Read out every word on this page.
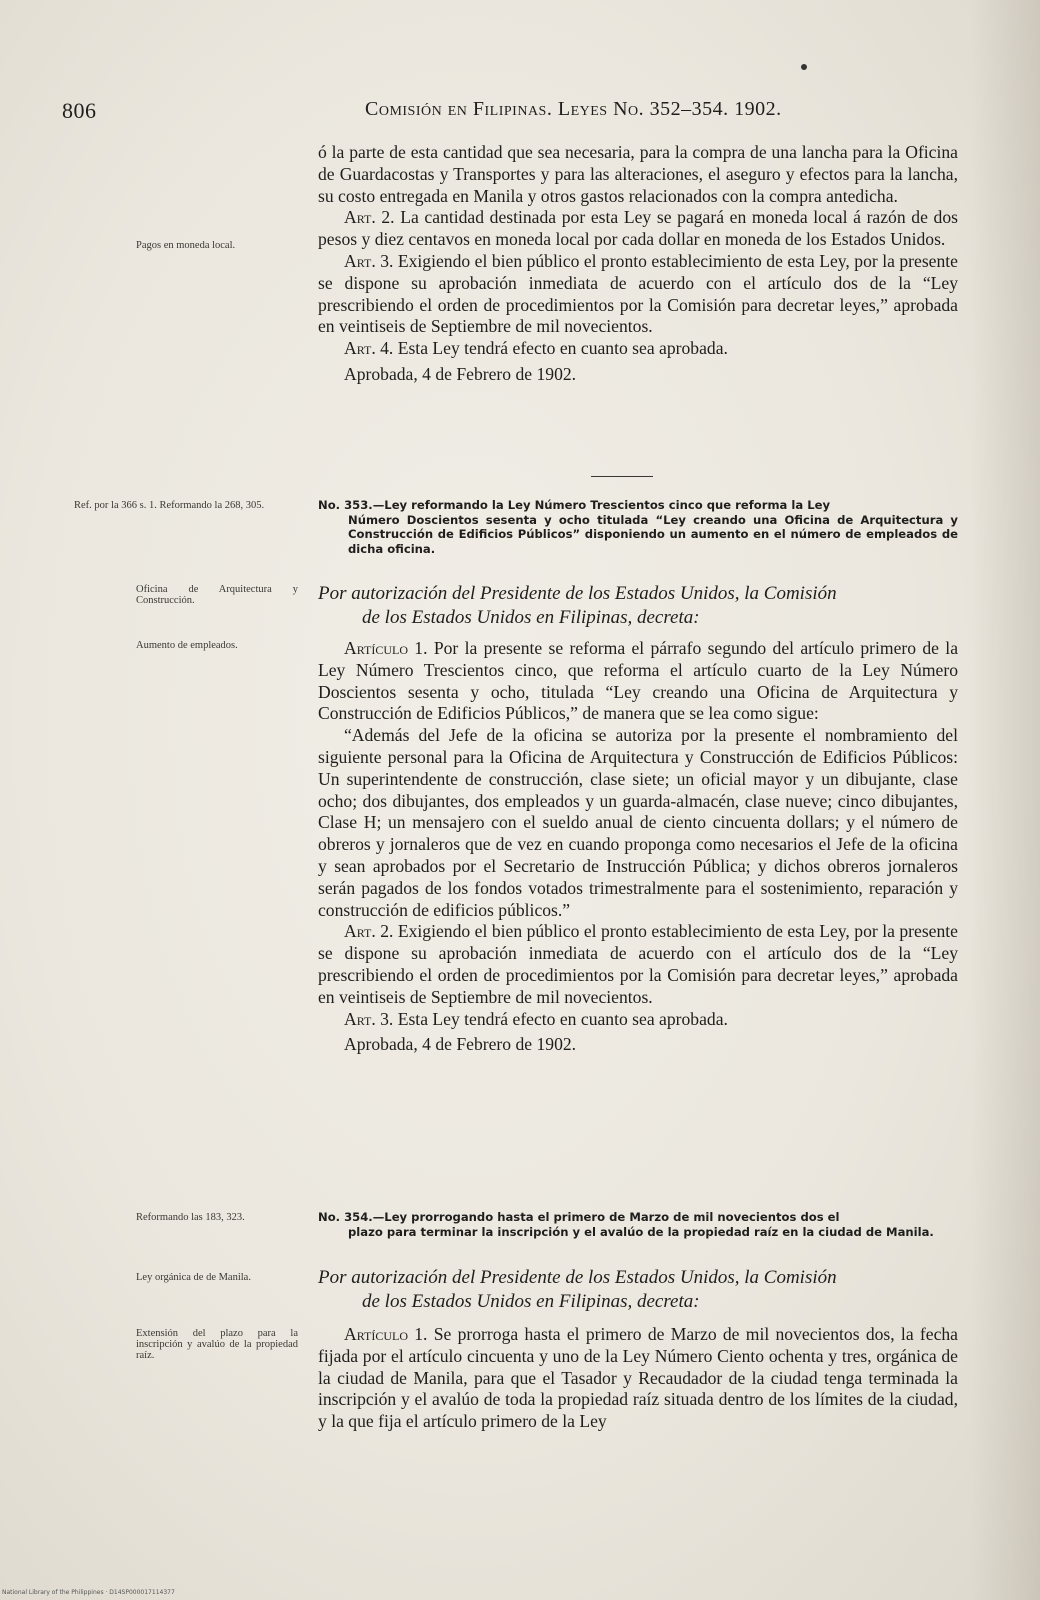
806	Comisión en Filipinas. Leyes No. 352–354. 1902.

ó la parte de esta cantidad que sea necesaria, para la compra de una lancha para la Oficina de Guardacostas y Transportes y para las alteraciones, el aseguro y efectos para la lancha, su costo entregada en Manila y otros gastos relacionados con la compra antedicha.

Art. 2. La cantidad destinada por esta Ley se pagará en moneda local á razón de dos pesos y diez centavos en moneda local por cada dollar en moneda de los Estados Unidos.

Art. 3. Exigiendo el bien público el pronto establecimiento de esta Ley, por la presente se dispone su aprobación inmediata de acuerdo con el artículo dos de la “Ley prescribiendo el orden de procedimientos por la Comisión para decretar leyes,” aprobada en veintiseis de Septiembre de mil novecientos.

Art. 4. Esta Ley tendrá efecto en cuanto sea aprobada.

Aprobada, 4 de Febrero de 1902.

Pagos en moneda local.
Ref. por la 366 s. 1. Reformando la 268, 305.	No. 353.—Ley reformando la Ley Número Trescientos cinco que reforma la Ley
Número Doscientos sesenta y ocho titulada “Ley creando una Oficina de Arquitectura y Construcción de Edificios Públicos” disponiendo un aumento en el número de empleados de dicha oficina.
Oficina de Arquitectura y Construcción.	Por autorización del Presidente de los Estados Unidos, la Comisión
de los Estados Unidos en Filipinas, decreta:
Aumento de empleados.	Artículo 1. Por la presente se reforma el párrafo segundo del artículo primero de la Ley Número Trescientos cinco, que reforma el artículo cuarto de la Ley Número Doscientos sesenta y ocho, titulada “Ley creando una Oficina de Arquitectura y Construcción de Edificios Públicos,” de manera que se lea como sigue:

“Además del Jefe de la oficina se autoriza por la presente el nombramiento del siguiente personal para la Oficina de Arquitectura y Construcción de Edificios Públicos: Un superintendente de construcción, clase siete; un oficial mayor y un dibujante, clase ocho; dos dibujantes, dos empleados y un guarda-almacén, clase nueve; cinco dibujantes, Clase H; un mensajero con el sueldo anual de ciento cincuenta dollars; y el número de obreros y jornaleros que de vez en cuando proponga como necesarios el Jefe de la oficina y sean aprobados por el Secretario de Instrucción Pública; y dichos obreros jornaleros serán pagados de los fondos votados trimestralmente para el sostenimiento, reparación y construcción de edificios públicos.”

Art. 2. Exigiendo el bien público el pronto establecimiento de esta Ley, por la presente se dispone su aprobación inmediata de acuerdo con el artículo dos de la “Ley prescribiendo el orden de procedimientos por la Comisión para decretar leyes,” aprobada en veintiseis de Septiembre de mil novecientos.

Art. 3. Esta Ley tendrá efecto en cuanto sea aprobada.

Aprobada, 4 de Febrero de 1902.

Reformando las 183, 323.	No. 354.—Ley prorrogando hasta el primero de Marzo de mil novecientos dos el
plazo para terminar la inscripción y el avalúo de la propiedad raíz en la ciudad de Manila.
Ley orgánica de de Manila.	Por autorización del Presidente de los Estados Unidos, la Comisión
de los Estados Unidos en Filipinas, decreta:
Extensión del plazo para la inscripción y avalúo de la propiedad raíz.

Artículo 1. Se prorroga hasta el primero de Marzo de mil novecientos dos, la fecha fijada por el artículo cincuenta y uno de la Ley Número Ciento ochenta y tres, orgánica de la ciudad de Manila, para que el Tasador y Recaudador de la ciudad tenga terminada la inscripción y el avalúo de toda la propiedad raíz situada dentro de los límites de la ciudad, y la que fija el artículo primero de la Ley

National Library of the Philippines · D14SP000017114377
